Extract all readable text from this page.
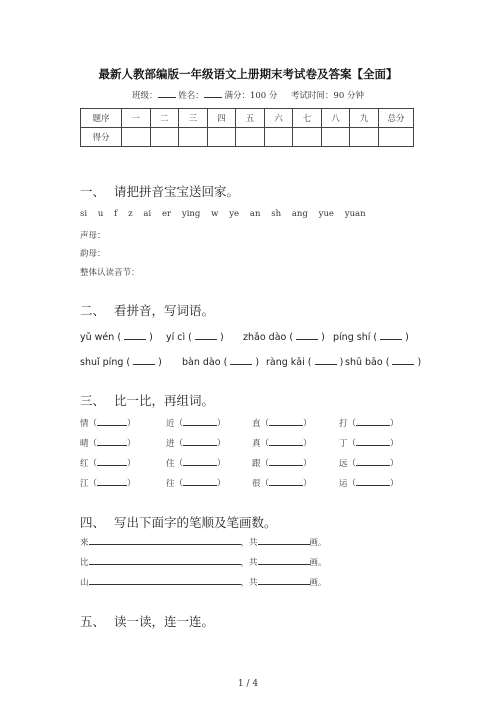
最新人教部编版一年级语文上册期末考试卷及答案【全面】
班级： 姓名： 满分：100 分 考试时间：90 分钟
题序	一	二	三	四	五	六	七	八	九	总分
得分										
一、 请把拼音宝宝送回家。
si    u    f    z    ai    er    ying    w    ye    an    sh    ang    yue    yuan
声母：
韵母：
整体认读音节：
二、 看拼音，写词语。
yǔ wén (	) yí cì (	) zhǎo dào (	) píng shí (	)
shuǐ píng (	) bàn dào (	) ràng kāi (	) shū bāo (	)
三、 比一比，再组词。
情（	）	近（	）	直（	）	打（	）
晴（	）	进（	）	真（	）	丁（	）
红（	）	住（	）	跟（	）	远（	）
江（	）	往（	）	很（	）	运（	）
四、 写出下面字的笔顺及笔画数。
来	，共	画。
比	，共	画。
山	，共	画。
五、 读一读，连一连。
1 / 4
